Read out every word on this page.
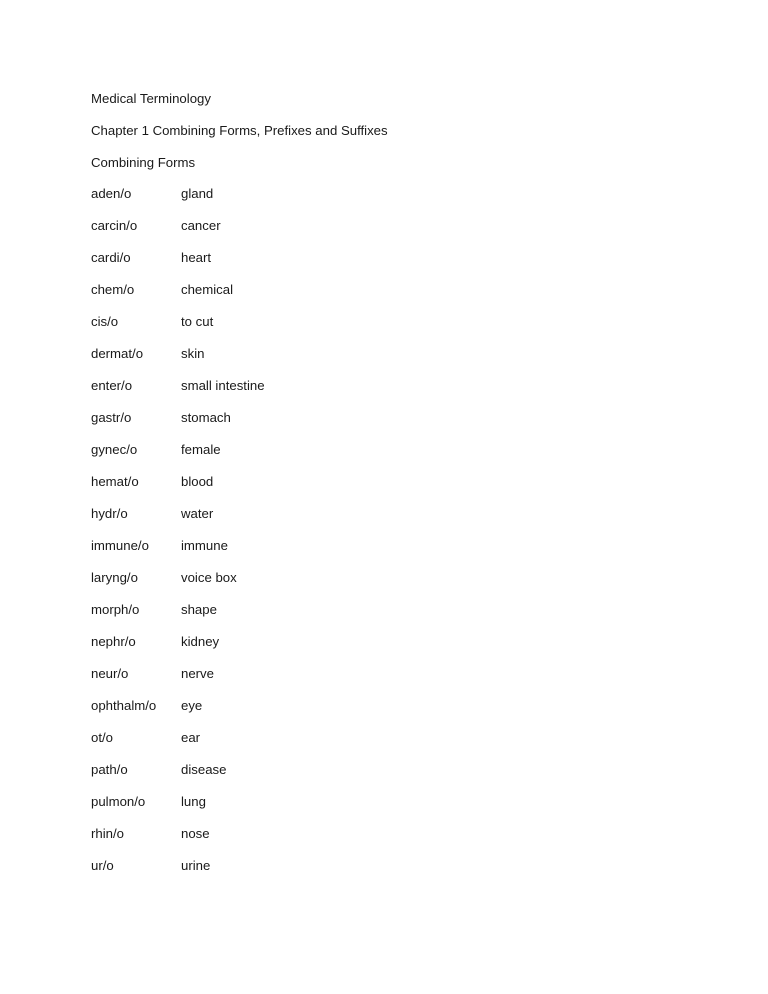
Medical Terminology
Chapter 1 Combining Forms, Prefixes and Suffixes
Combining Forms
aden/o	gland
carcin/o	cancer
cardi/o	heart
chem/o	chemical
cis/o	to cut
dermat/o	skin
enter/o	small intestine
gastr/o	stomach
gynec/o	female
hemat/o	blood
hydr/o	water
immune/o immune
laryng/o	voice box
morph/o	shape
nephr/o	kidney
neur/o	nerve
ophthalm/o eye
ot/o	ear
path/o	disease
pulmon/o	lung
rhin/o	nose
ur/o	urine
